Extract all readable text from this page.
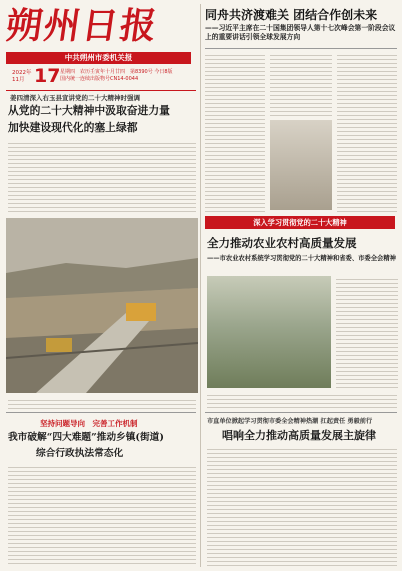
朔州日报
中共朔州市委机关报
2022年
11月 17 星期四　农历壬寅年十月廿四　第8390号 今日8版
国内统一连续出版物号CN14-0044
同舟共济渡难关 团结合作创未来
——习近平主席在二十国集团领导人第十七次峰会第一阶段会议上的重要讲话引领全球发展方向
姜四清深入右玉县宣讲党的二十大精神时强调
从党的二十大精神中汲取奋进力量
加快建设现代化的塞上绿都
深入学习贯彻党的二十大精神
全力推动农业农村高质量发展
——市农业农村系统学习贯彻党的二十大精神和省委、市委全会精神
市直单位掀起学习贯彻市委全会精神热潮 扛起责任 勇毅前行
唱响全力推动高质量发展主旋律
坚持问题导向　完善工作机制
我市破解“四大难题”推动乡镇(街道)
综合行政执法常态化
